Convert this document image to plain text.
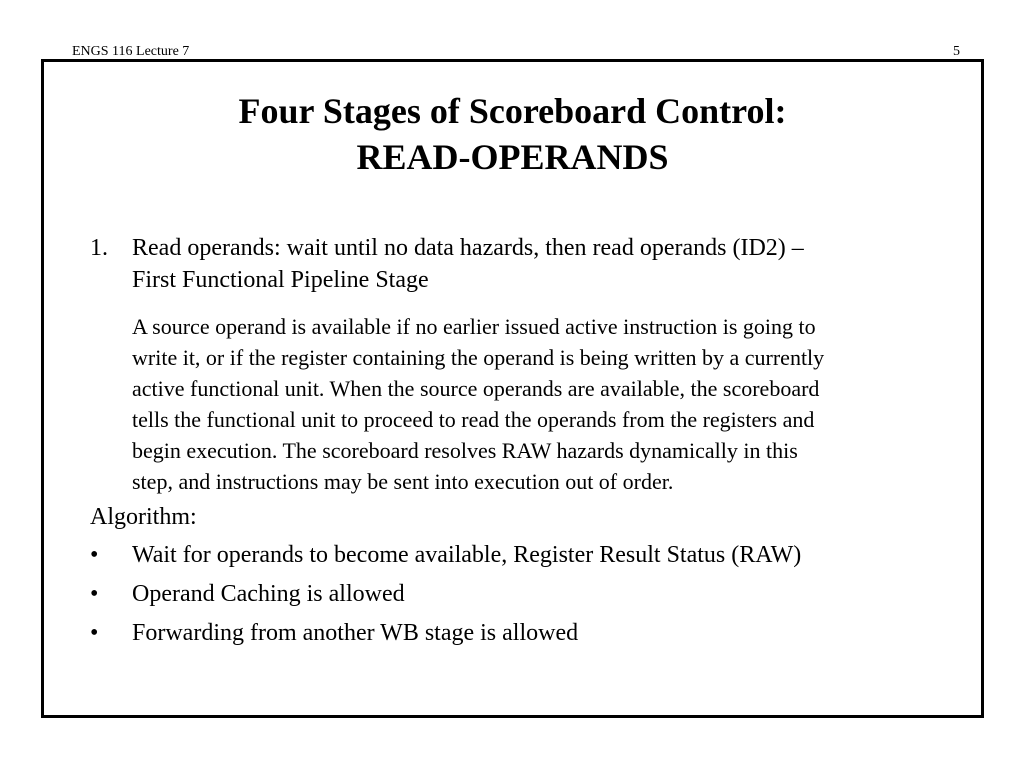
ENGS 116 Lecture 7	5
Four Stages of Scoreboard Control:
READ-OPERANDS
1. Read operands: wait until no data hazards, then read operands (ID2) –
First Functional Pipeline Stage
A source operand is available if no earlier issued active instruction is going to
write it, or if the register containing the operand is being written by a currently
active functional unit. When the source operands are available, the scoreboard
tells the functional unit to proceed to read the operands from the registers and
begin execution. The scoreboard resolves RAW hazards dynamically in this
step, and instructions may be sent into execution out of order.
Algorithm:
• Wait for operands to become available, Register Result Status (RAW)
• Operand Caching is allowed
• Forwarding from another WB stage is allowed
